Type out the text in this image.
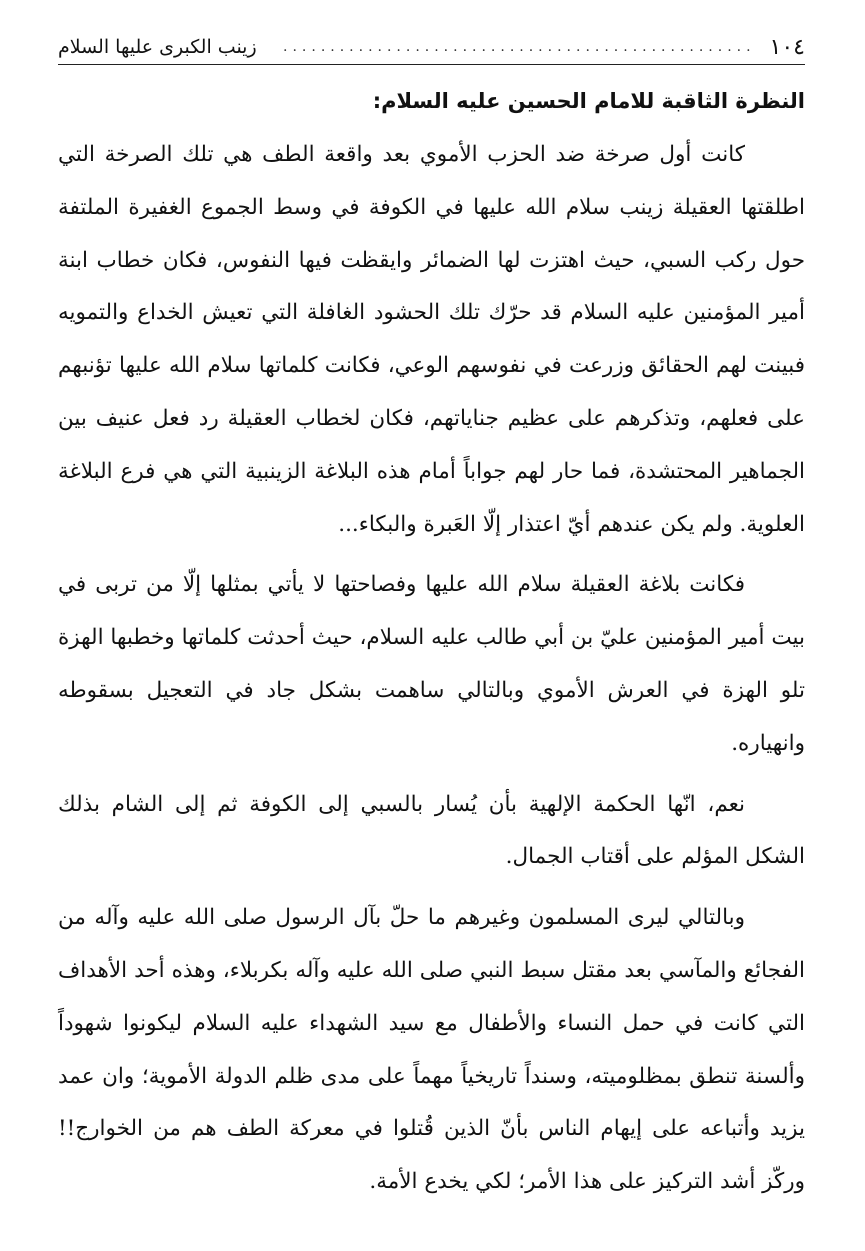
١٠٤
..................................................
زينب الكبرى عليها السلام
النظرة الثاقبة للامام الحسين عليه السلام:

كانت أول صرخة ضد الحزب الأموي بعد واقعة الطف هي تلك الصرخة التي اطلقتها العقيلة زينب سلام الله عليها في الكوفة في وسط الجموع الغفيرة الملتفة حول ركب السبي، حيث اهتزت لها الضمائر وايقظت فيها النفوس، فكان خطاب ابنة أمير المؤمنين عليه السلام قد حرّك تلك الحشود الغافلة التي تعيش الخداع والتمويه فبينت لهم الحقائق وزرعت في نفوسهم الوعي، فكانت كلماتها سلام الله عليها تؤنبهم على فعلهم، وتذكرهم على عظيم جناياتهم، فكان لخطاب العقيلة رد فعل عنيف بين الجماهير المحتشدة، فما حار لهم جواباً أمام هذه البلاغة الزينبية التي هي فرع البلاغة العلوية. ولم يكن عندهم أيّ اعتذار إلّا العَبرة والبكاء...

فكانت بلاغة العقيلة سلام الله عليها وفصاحتها لا يأتي بمثلها إلّا من تربى في بيت أمير المؤمنين عليّ بن أبي طالب عليه السلام، حيث أحدثت كلماتها وخطبها الهزة تلو الهزة في العرش الأموي وبالتالي ساهمت بشكل جاد في التعجيل بسقوطه وانهياره.

نعم، انّها الحكمة الإلهية بأن يُسار بالسبي إلى الكوفة ثم إلى الشام بذلك الشكل المؤلم على أقتاب الجمال.

وبالتالي ليرى المسلمون وغيرهم ما حلّ بآل الرسول صلى الله عليه وآله من الفجائع والمآسي بعد مقتل سبط النبي صلى الله عليه وآله بكربلاء، وهذه أحد الأهداف التي كانت في حمل النساء والأطفال مع سيد الشهداء عليه السلام ليكونوا شهوداً وألسنة تنطق بمظلوميته، وسنداً تاريخياً مهماً على مدى ظلم الدولة الأموية؛ وان عمد يزيد وأتباعه على إيهام الناس بأنّ الذين قُتلوا في معركة الطف هم من الخوارج!! وركّز أشد التركيز على هذا الأمر؛ لكي يخدع الأمة.
